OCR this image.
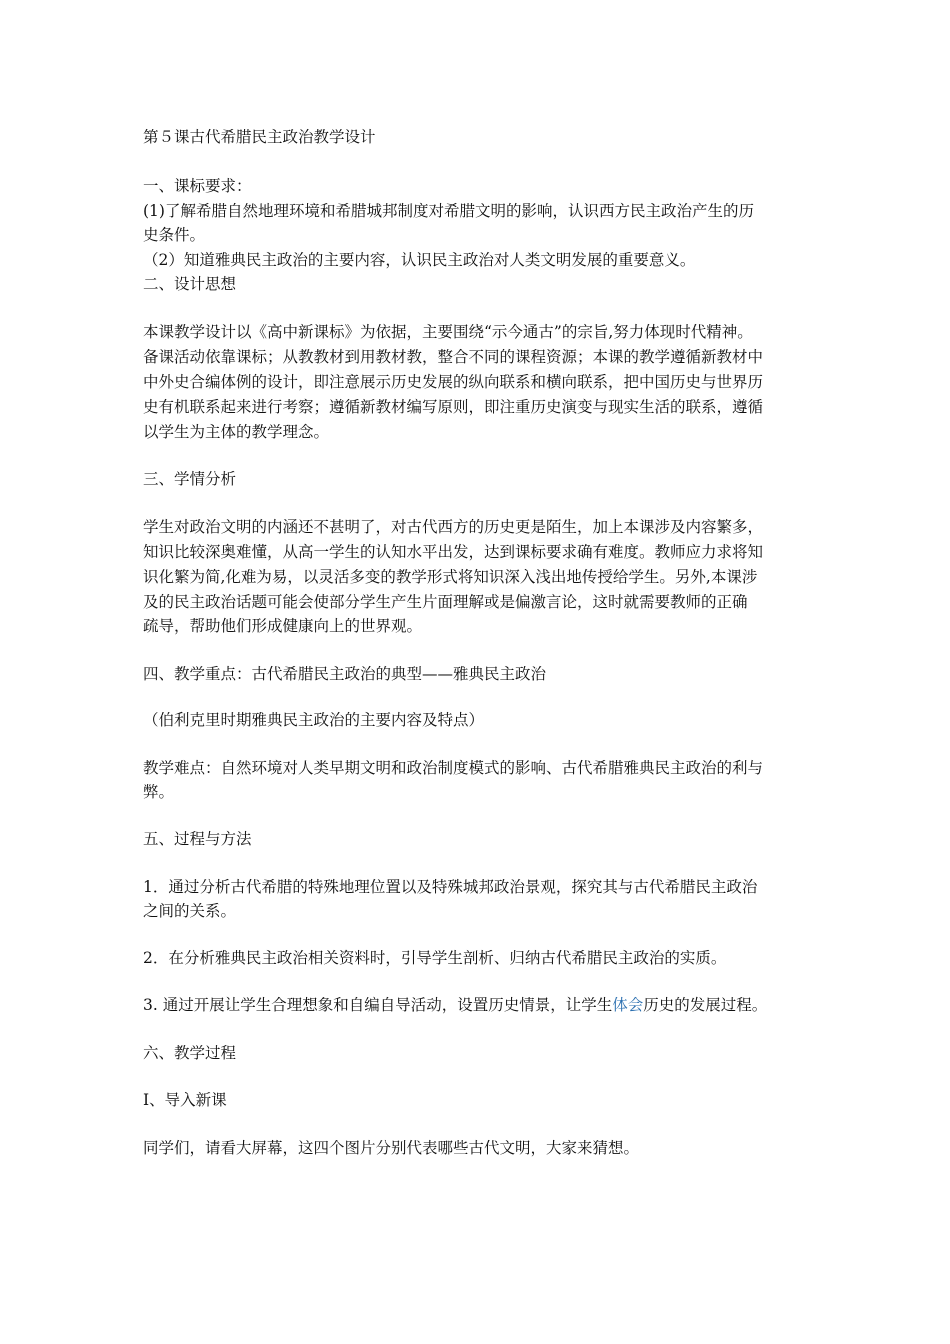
第５课古代希腊民主政治教学设计
一、课标要求：
(1)了解希腊自然地理环境和希腊城邦制度对希腊文明的影响，认识西方民主政治产生的历
史条件。
（2）知道雅典民主政治的主要内容，认识民主政治对人类文明发展的重要意义。
二、设计思想
本课教学设计以《高中新课标》为依据，主要围绕“示今通古”的宗旨,努力体现时代精神。
备课活动依靠课标；从教教材到用教材教，整合不同的课程资源；本课的教学遵循新教材中
中外史合编体例的设计，即注意展示历史发展的纵向联系和横向联系，把中国历史与世界历
史有机联系起来进行考察；遵循新教材编写原则，即注重历史演变与现实生活的联系，遵循
以学生为主体的教学理念。
三、学情分析
学生对政治文明的内涵还不甚明了，对古代西方的历史更是陌生，加上本课涉及内容繁多，
知识比较深奥难懂，从高一学生的认知水平出发，达到课标要求确有难度。教师应力求将知
识化繁为简,化难为易，以灵活多变的教学形式将知识深入浅出地传授给学生。另外,本课涉
及的民主政治话题可能会使部分学生产生片面理解或是偏激言论，这时就需要教师的正确
疏导，帮助他们形成健康向上的世界观。
四、教学重点：古代希腊民主政治的典型——雅典民主政治
（伯利克里时期雅典民主政治的主要内容及特点）
教学难点：自然环境对人类早期文明和政治制度模式的影响、古代希腊雅典民主政治的利与
弊。
五、过程与方法
1．通过分析古代希腊的特殊地理位置以及特殊城邦政治景观，探究其与古代希腊民主政治
之间的关系。
2．在分析雅典民主政治相关资料时，引导学生剖析、归纳古代希腊民主政治的实质。
3. 通过开展让学生合理想象和自编自导活动，设置历史情景，让学生体会历史的发展过程。
六、教学过程
Ⅰ、导入新课
同学们，请看大屏幕，这四个图片分别代表哪些古代文明，大家来猜想。
